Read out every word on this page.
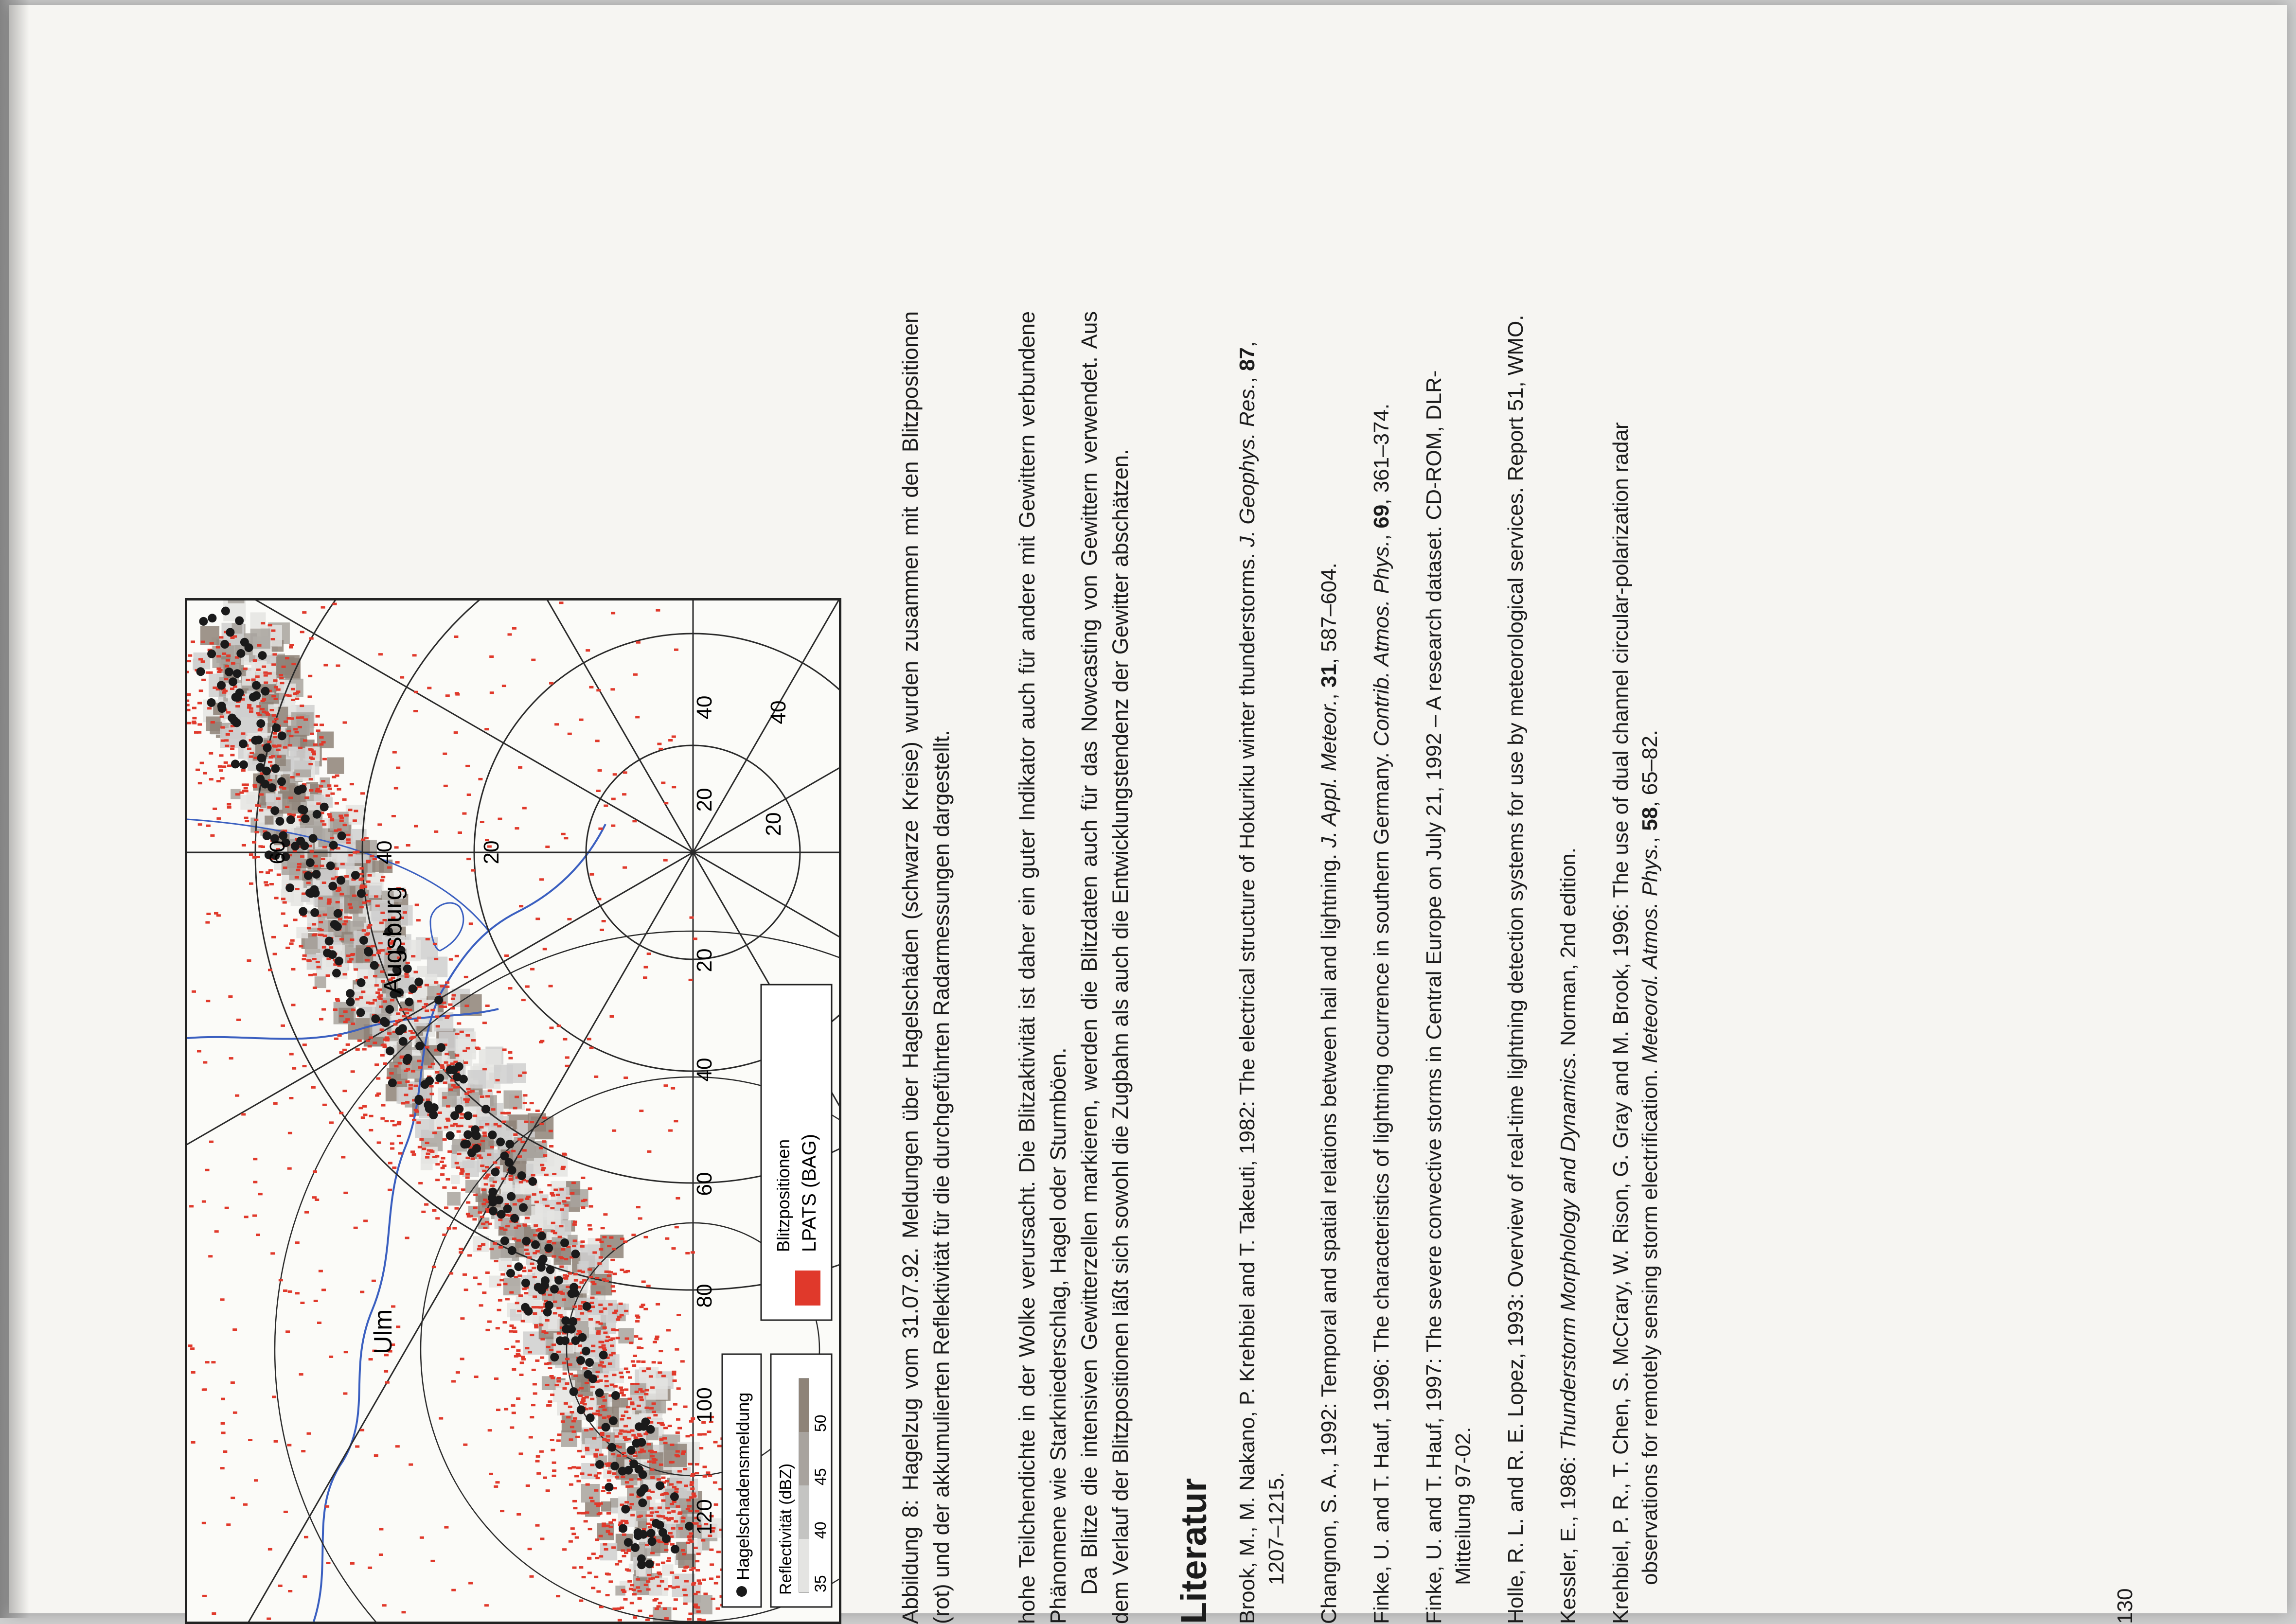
120
100
80
60
40
20
20
40
60	40	20
20
40
Ulm
Augsburg
Hagelschadensmeldung Reflectivität (dBZ) 35
40
45
50
Blitzpositionen LPATS (BAG)	Abbildung 8: Hagelzug vom 31.07.92. Meldungen über Hagelschäden (schwarze Kreise) wurden zusammen mit den Blitzpositionen (rot) und der akkumulierten Reflektivität für die durchgeführten Radarmessungen dargestellt.	hohe Teilchendichte in der Wolke verursacht. Die Blitzaktivität ist daher ein guter Indikator auch für andere mit Gewittern verbundene Phänomene wie Starkniederschlag, Hagel oder Sturmböen. Da Blitze die intensiven Gewitterzellen markieren, werden die Blitzdaten auch für das Nowcasting von Gewittern verwendet. Aus dem Verlauf der Blitzpositionen läßt sich sowohl die Zugbahn als auch die Entwicklungstendenz der Gewitter abschätzen. Literatur Brook, M., M. Nakano, P. Krehbiel and T. Takeuti, 1982: The electrical structure of Hokuriku winter thunderstorms. J. Geophys. Res., 87, 1207–1215. Changnon, S. A., 1992: Temporal and spatial relations between hail and lightning. J. Appl. Meteor., 31, 587–604.

Finke, U. and T. Hauf, 1996: The characteristics of lightning ocurrence in southern Germany. Contrib. Atmos. Phys., 69, 361–374. Finke, U. and T. Hauf, 1997: The severe convective storms in Central Europe on July 21, 1992 – A research dataset. CD-ROM, DLR-Mitteilung 97-02. Holle, R. L. and R. E. Lopez, 1993: Overview of real-time lightning detection systems for use by meteorological services. Report 51, WMO. Kessler, E., 1986: Thunderstorm Morphology and Dynamics. Norman, 2nd edition. Krehbiel, P. R., T. Chen, S. McCrary, W. Rison, G. Gray and M. Brook, 1996: The use of dual channel circular-polarization radar observations for remotely sensing storm electrification. Meteorol. Atmos. Phys., 58, 65–82.

130
